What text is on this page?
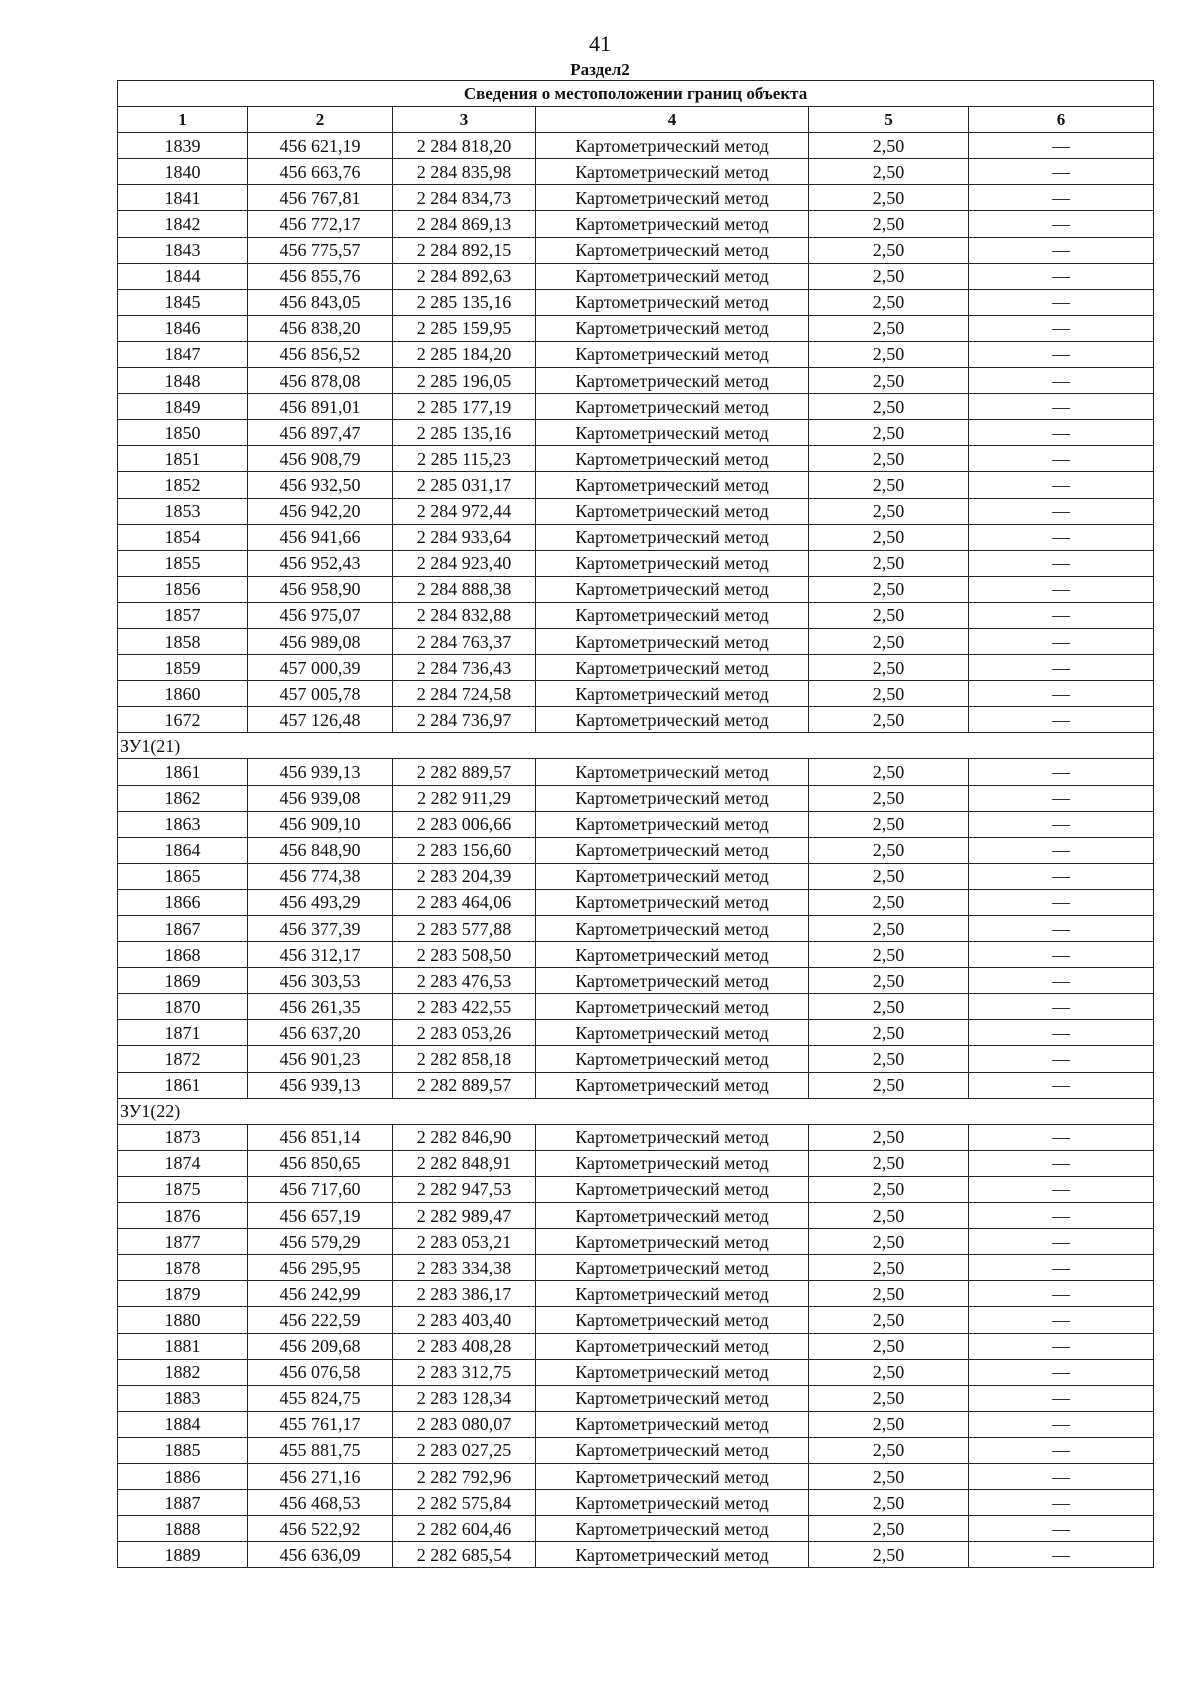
41
Раздел2
Сведения о местоположении границ объекта					
1	2	3	4	5	6
1839	456 621,19	2 284 818,20	Картометрический метод	2,50	—
1840	456 663,76	2 284 835,98	Картометрический метод	2,50	—
1841	456 767,81	2 284 834,73	Картометрический метод	2,50	—
1842	456 772,17	2 284 869,13	Картометрический метод	2,50	—
1843	456 775,57	2 284 892,15	Картометрический метод	2,50	—
1844	456 855,76	2 284 892,63	Картометрический метод	2,50	—
1845	456 843,05	2 285 135,16	Картометрический метод	2,50	—
1846	456 838,20	2 285 159,95	Картометрический метод	2,50	—
1847	456 856,52	2 285 184,20	Картометрический метод	2,50	—
1848	456 878,08	2 285 196,05	Картометрический метод	2,50	—
1849	456 891,01	2 285 177,19	Картометрический метод	2,50	—
1850	456 897,47	2 285 135,16	Картометрический метод	2,50	—
1851	456 908,79	2 285 115,23	Картометрический метод	2,50	—
1852	456 932,50	2 285 031,17	Картометрический метод	2,50	—
1853	456 942,20	2 284 972,44	Картометрический метод	2,50	—
1854	456 941,66	2 284 933,64	Картометрический метод	2,50	—
1855	456 952,43	2 284 923,40	Картометрический метод	2,50	—
1856	456 958,90	2 284 888,38	Картометрический метод	2,50	—
1857	456 975,07	2 284 832,88	Картометрический метод	2,50	—
1858	456 989,08	2 284 763,37	Картометрический метод	2,50	—
1859	457 000,39	2 284 736,43	Картометрический метод	2,50	—
1860	457 005,78	2 284 724,58	Картометрический метод	2,50	—
1672	457 126,48	2 284 736,97	Картометрический метод	2,50	—
ЗУ1(21)					
1861	456 939,13	2 282 889,57	Картометрический метод	2,50	—
1862	456 939,08	2 282 911,29	Картометрический метод	2,50	—
1863	456 909,10	2 283 006,66	Картометрический метод	2,50	—
1864	456 848,90	2 283 156,60	Картометрический метод	2,50	—
1865	456 774,38	2 283 204,39	Картометрический метод	2,50	—
1866	456 493,29	2 283 464,06	Картометрический метод	2,50	—
1867	456 377,39	2 283 577,88	Картометрический метод	2,50	—
1868	456 312,17	2 283 508,50	Картометрический метод	2,50	—
1869	456 303,53	2 283 476,53	Картометрический метод	2,50	—
1870	456 261,35	2 283 422,55	Картометрический метод	2,50	—
1871	456 637,20	2 283 053,26	Картометрический метод	2,50	—
1872	456 901,23	2 282 858,18	Картометрический метод	2,50	—
1861	456 939,13	2 282 889,57	Картометрический метод	2,50	—
ЗУ1(22)					
1873	456 851,14	2 282 846,90	Картометрический метод	2,50	—
1874	456 850,65	2 282 848,91	Картометрический метод	2,50	—
1875	456 717,60	2 282 947,53	Картометрический метод	2,50	—
1876	456 657,19	2 282 989,47	Картометрический метод	2,50	—
1877	456 579,29	2 283 053,21	Картометрический метод	2,50	—
1878	456 295,95	2 283 334,38	Картометрический метод	2,50	—
1879	456 242,99	2 283 386,17	Картометрический метод	2,50	—
1880	456 222,59	2 283 403,40	Картометрический метод	2,50	—
1881	456 209,68	2 283 408,28	Картометрический метод	2,50	—
1882	456 076,58	2 283 312,75	Картометрический метод	2,50	—
1883	455 824,75	2 283 128,34	Картометрический метод	2,50	—
1884	455 761,17	2 283 080,07	Картометрический метод	2,50	—
1885	455 881,75	2 283 027,25	Картометрический метод	2,50	—
1886	456 271,16	2 282 792,96	Картометрический метод	2,50	—
1887	456 468,53	2 282 575,84	Картометрический метод	2,50	—
1888	456 522,92	2 282 604,46	Картометрический метод	2,50	—
1889	456 636,09	2 282 685,54	Картометрический метод	2,50	—
